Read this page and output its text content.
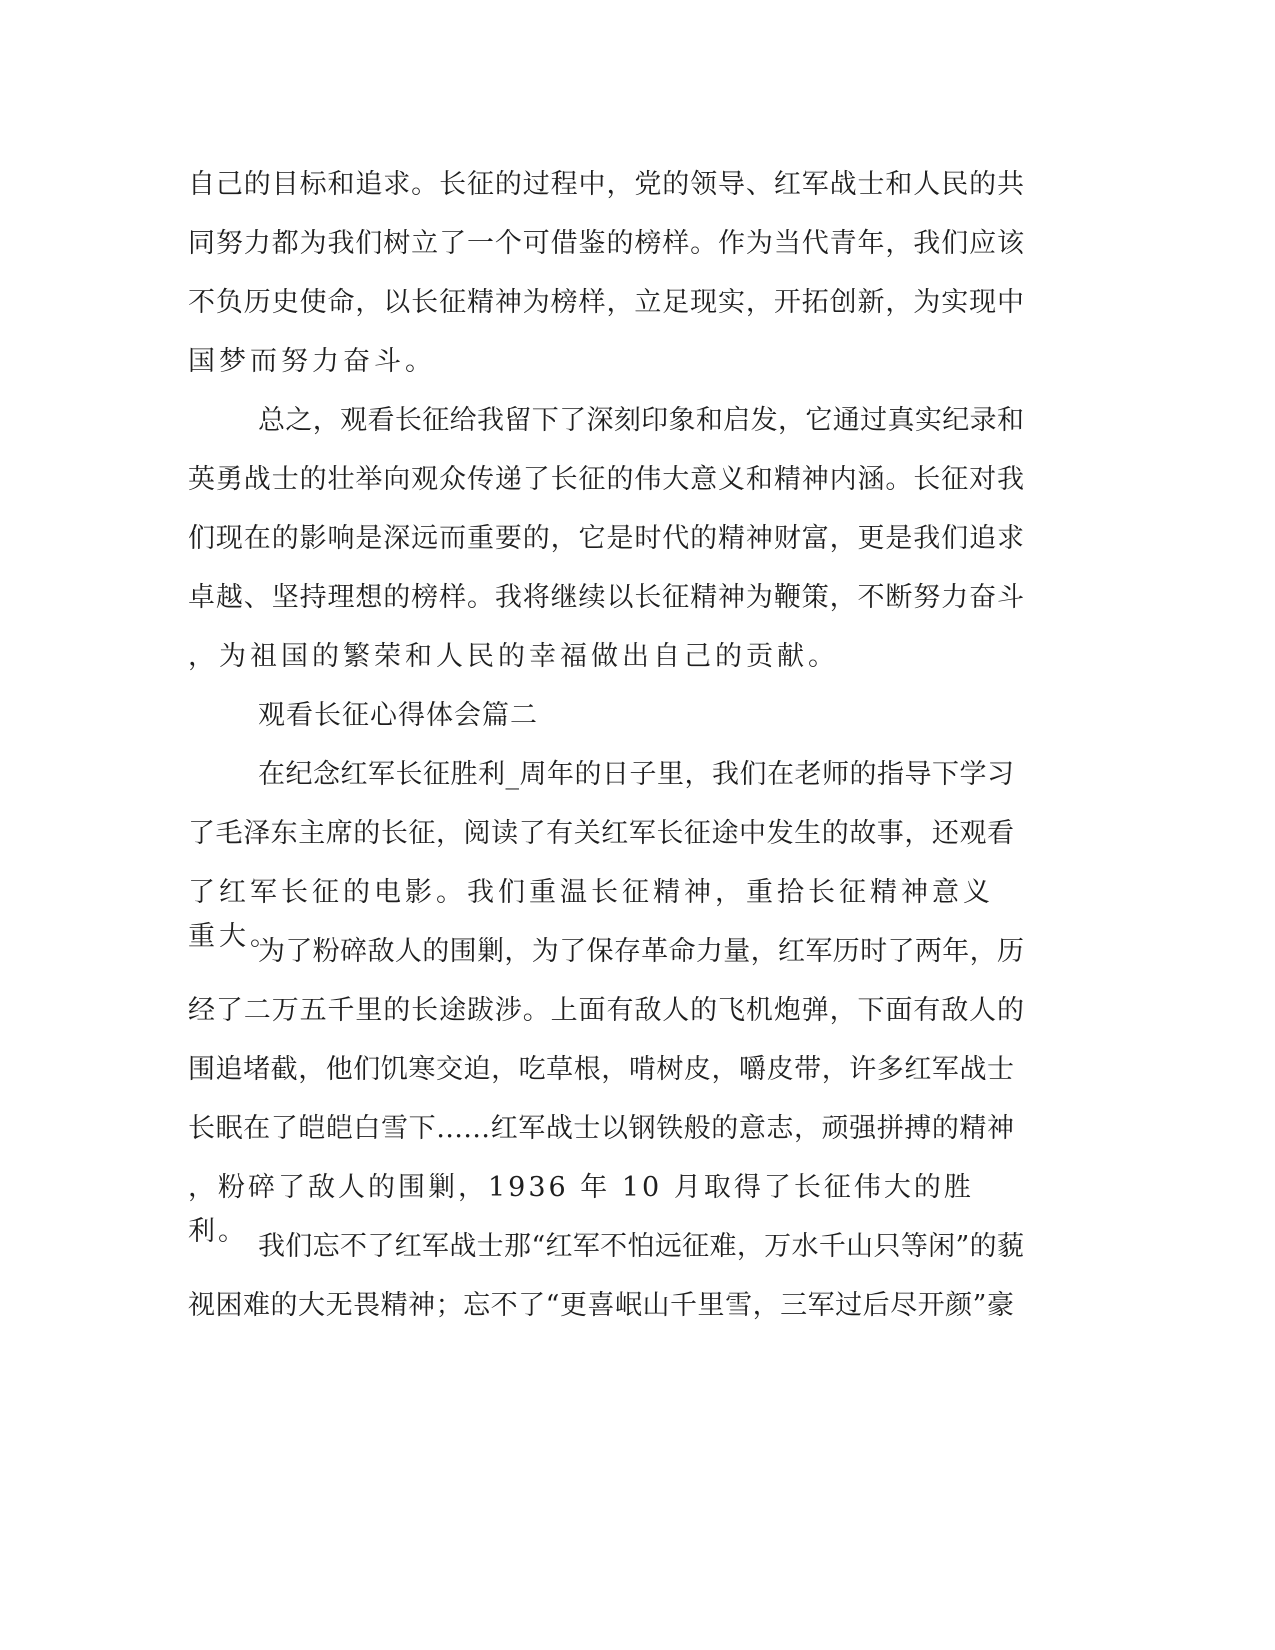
自己的目标和追求。长征的过程中，党的领导、红军战士和人民的共
同努力都为我们树立了一个可借鉴的榜样。作为当代青年，我们应该
不负历史使命，以长征精神为榜样，立足现实，开拓创新，为实现中
国梦而努力奋斗。
总之，观看长征给我留下了深刻印象和启发，它通过真实纪录和
英勇战士的壮举向观众传递了长征的伟大意义和精神内涵。长征对我
们现在的影响是深远而重要的，它是时代的精神财富，更是我们追求
卓越、坚持理想的榜样。我将继续以长征精神为鞭策，不断努力奋斗
，为祖国的繁荣和人民的幸福做出自己的贡献。
观看长征心得体会篇二
在纪念红军长征胜利_周年的日子里，我们在老师的指导下学习
了毛泽东主席的长征，阅读了有关红军长征途中发生的故事，还观看
了红军长征的电影。我们重温长征精神，重拾长征精神意义重大。
为了粉碎敌人的围剿，为了保存革命力量，红军历时了两年，历
经了二万五千里的长途跋涉。上面有敌人的飞机炮弹，下面有敌人的
围追堵截，他们饥寒交迫，吃草根，啃树皮，嚼皮带，许多红军战士
长眠在了皑皑白雪下……红军战士以钢铁般的意志，顽强拼搏的精神
，粉碎了敌人的围剿，1936 年 10 月取得了长征伟大的胜利。 我们忘不了红军战士那“红军不怕远征难，万水千山只等闲”的藐
视困难的大无畏精神；忘不了“更喜岷山千里雪，三军过后尽开颜”豪
